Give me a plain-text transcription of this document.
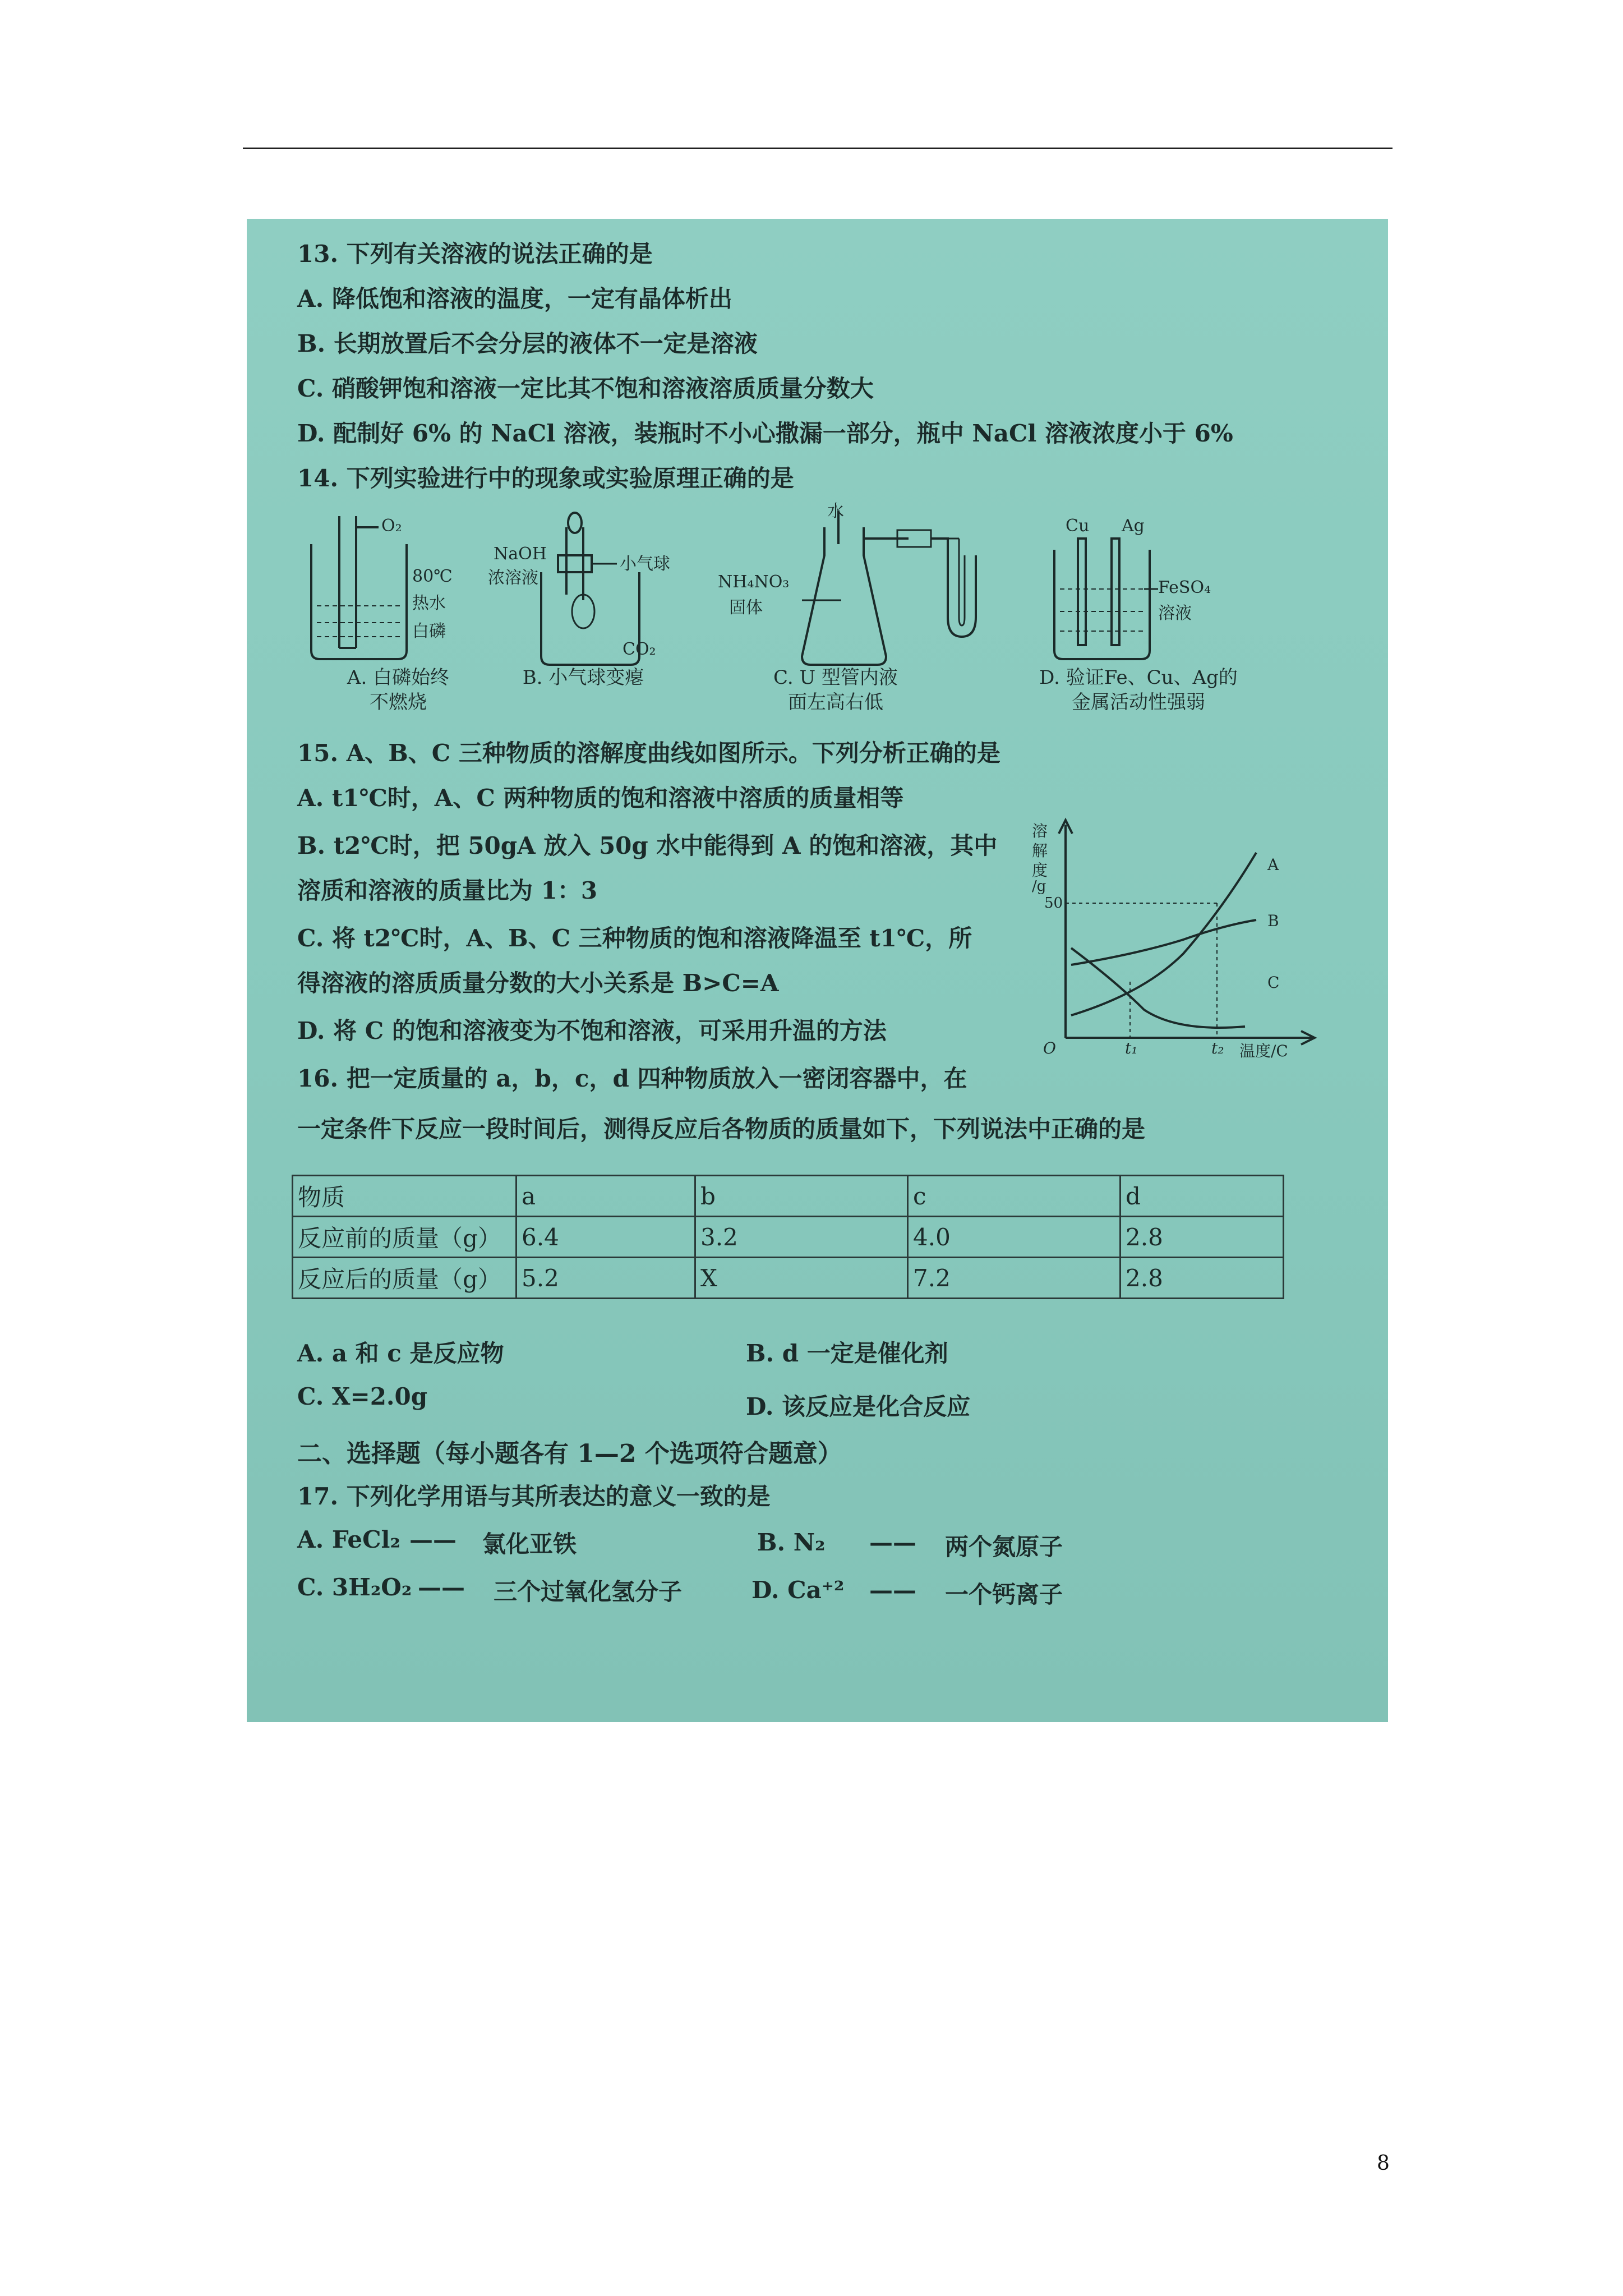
13. 下列有关溶液的说法正确的是
A. 降低饱和溶液的温度，一定有晶体析出
B. 长期放置后不会分层的液体不一定是溶液
C. 硝酸钾饱和溶液一定比其不饱和溶液溶质质量分数大
D. 配制好 6% 的 NaCl 溶液，装瓶时不小心撒漏一部分，瓶中 NaCl 溶液浓度小于 6%
14. 下列实验进行中的现象或实验原理正确的是
O₂
80℃
热水
白磷
A. 白磷始终
不燃烧
NaOH
浓溶液
小气球
CO₂
B. 小气球变瘪
水
NH₄NO₃
固体
C. U 型管内液
面左高右低
Cu Ag
FeSO₄
溶液
D. 验证Fe、Cu、Ag的
金属活动性强弱
15. A、B、C 三种物质的溶解度曲线如图所示。下列分析正确的是
A. t1℃时，A、C 两种物质的饱和溶液中溶质的质量相等
B. t2℃时，把 50gA 放入 50g 水中能得到 A 的饱和溶液，其中
溶质和溶液的质量比为 1：3
C. 将 t2℃时，A、B、C 三种物质的饱和溶液降温至 t1℃，所
得溶液的溶质质量分数的大小关系是 B>C=A
D. 将 C 的饱和溶液变为不饱和溶液，可采用升温的方法
溶
解
度
/g
50
O	t₁	t₂ 温度/C
A
B
C
16. 把一定质量的 a，b，c，d 四种物质放入一密闭容器中，在
一定条件下反应一段时间后，测得反应后各物质的质量如下，下列说法中正确的是
物质	a	b	c	d
反应前的质量（g）	6.4	3.2	4.0	2.8
反应后的质量（g）	5.2	X	7.2	2.8
A. a 和 c 是反应物	B. d 一定是催化剂
C. X=2.0g	D. 该反应是化合反应
二、选择题（每小题各有 1—2 个选项符合题意）
17. 下列化学用语与其所表达的意义一致的是
A. FeCl₂ —— 氯化亚铁	B. N₂ —— 两个氮原子
C. 3H₂O₂ —— 三个过氧化氢分子	D. Ca⁺² —— 一个钙离子
8
